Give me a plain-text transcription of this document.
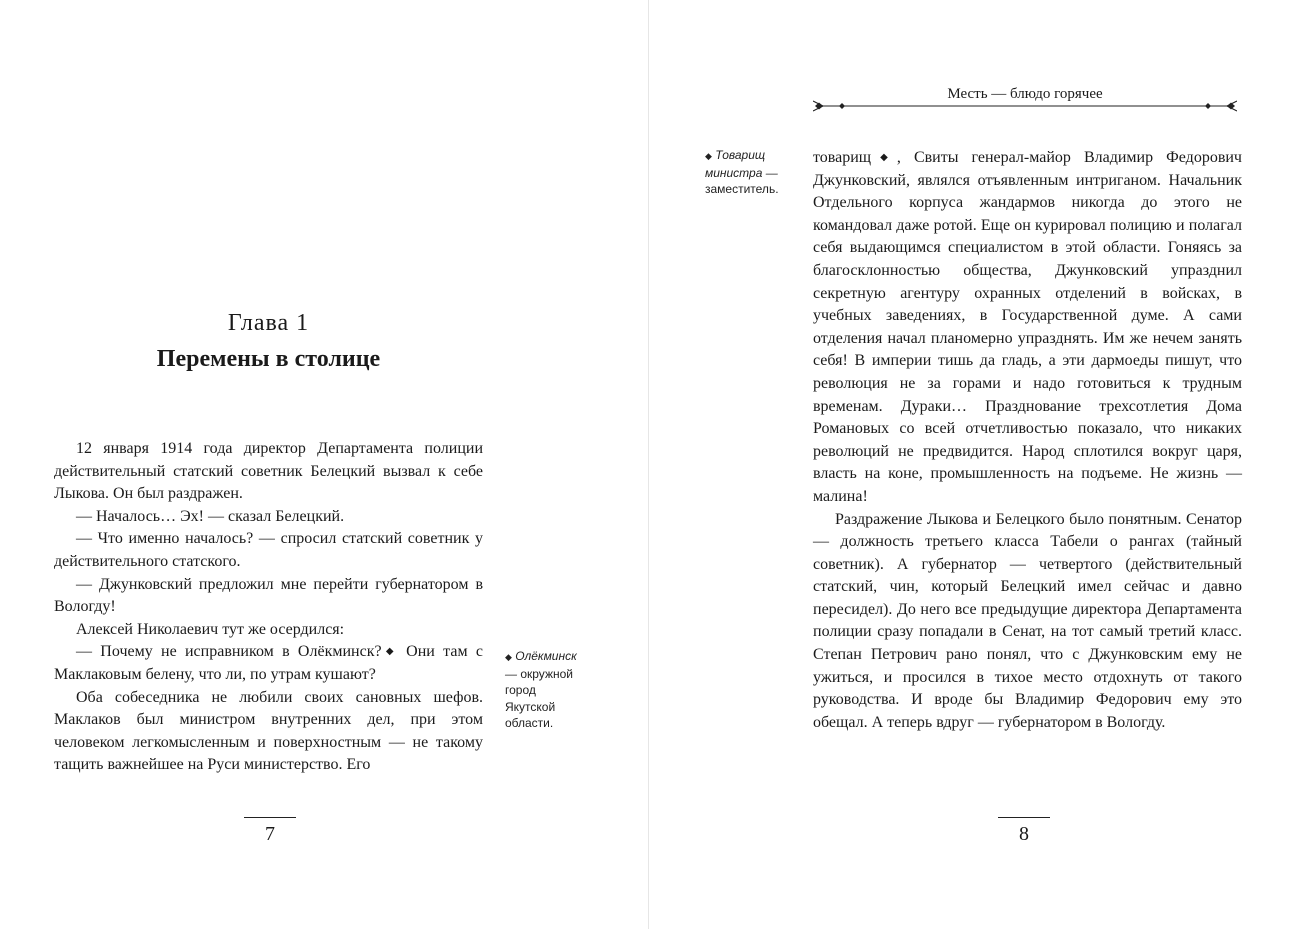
Глава 1
Перемены в столице

12 января 1914 года директор Департамента полиции действительный статский советник Белецкий вызвал к себе Лыкова. Он был раздражен.

— Началось… Эх! — сказал Белецкий.

— Что именно началось? — спросил статский советник у действительного статского.

— Джунковский предложил мне перейти губернатором в Вологду!

Алексей Николаевич тут же осердился:

— Почему не исправником в Олёкминск?◆ Они там с Маклаковым белену, что ли, по утрам кушают?

Оба собеседника не любили своих сановных шефов. Маклаков был министром внутренних дел, при этом человеком легкомысленным и поверхностным — не такому тащить важнейшее на Руси министерство. Его

◆ Олёкминск — окружной город Якутской области.
7
Месть — блюдо горячее
◆ Товарищ министра — заместитель.

товарищ◆, Свиты генерал-майор Владимир Федорович Джунковский, являлся отъявленным интриганом. Начальник Отдельного корпуса жандармов никогда до этого не командовал даже ротой. Еще он курировал полицию и полагал себя выдающимся специалистом в этой области. Гоняясь за благосклонностью общества, Джунковский упразднил секретную агентуру охранных отделений в войсках, в учебных заведениях, в Государственной думе. А сами отделения начал планомерно упразднять. Им же нечем занять себя! В империи тишь да гладь, а эти дармоеды пишут, что революция не за горами и надо готовиться к трудным временам. Дураки… Празднование трехсотлетия Дома Романовых со всей отчетливостью показало, что никаких революций не предвидится. Народ сплотился вокруг царя, власть на коне, промышленность на подъеме. Не жизнь — малина!

Раздражение Лыкова и Белецкого было понятным. Сенатор — должность третьего класса Табели о рангах (тайный советник). А губернатор — четвертого (действительный статский, чин, который Белецкий имел сейчас и давно пересидел). До него все предыдущие директора Департамента полиции сразу попадали в Сенат, на тот самый третий класс. Степан Петрович рано понял, что с Джунковским ему не ужиться, и просился в тихое место отдохнуть от такого руководства. И вроде бы Владимир Федорович ему это обещал. А теперь вдруг — губернатором в Вологду.

8
